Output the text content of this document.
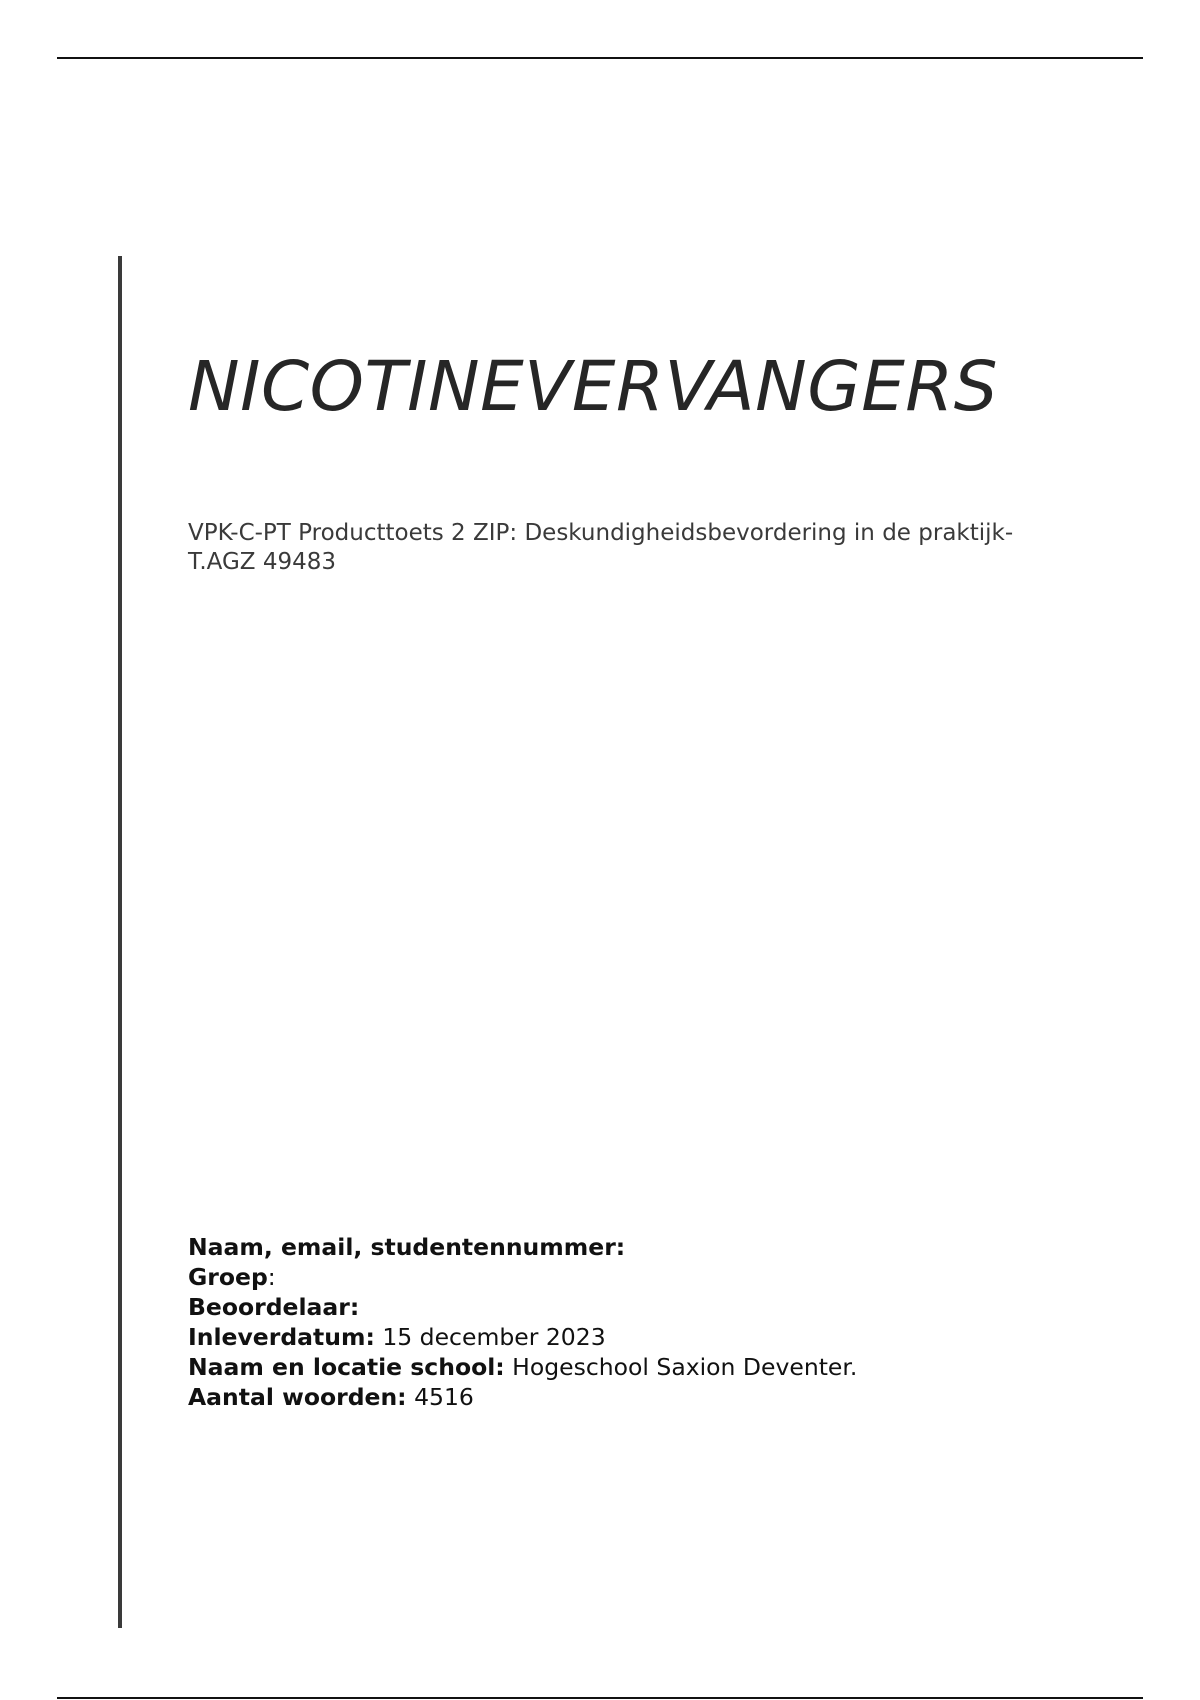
NICOTINEVERVANGERS
VPK-C-PT Producttoets 2 ZIP: Deskundigheidsbevordering in de praktijk-
T.AGZ 49483
Naam, email, studentennummer:
Groep:
Beoordelaar:
Inleverdatum: 15 december 2023
Naam en locatie school: Hogeschool Saxion Deventer.
Aantal woorden: 4516
